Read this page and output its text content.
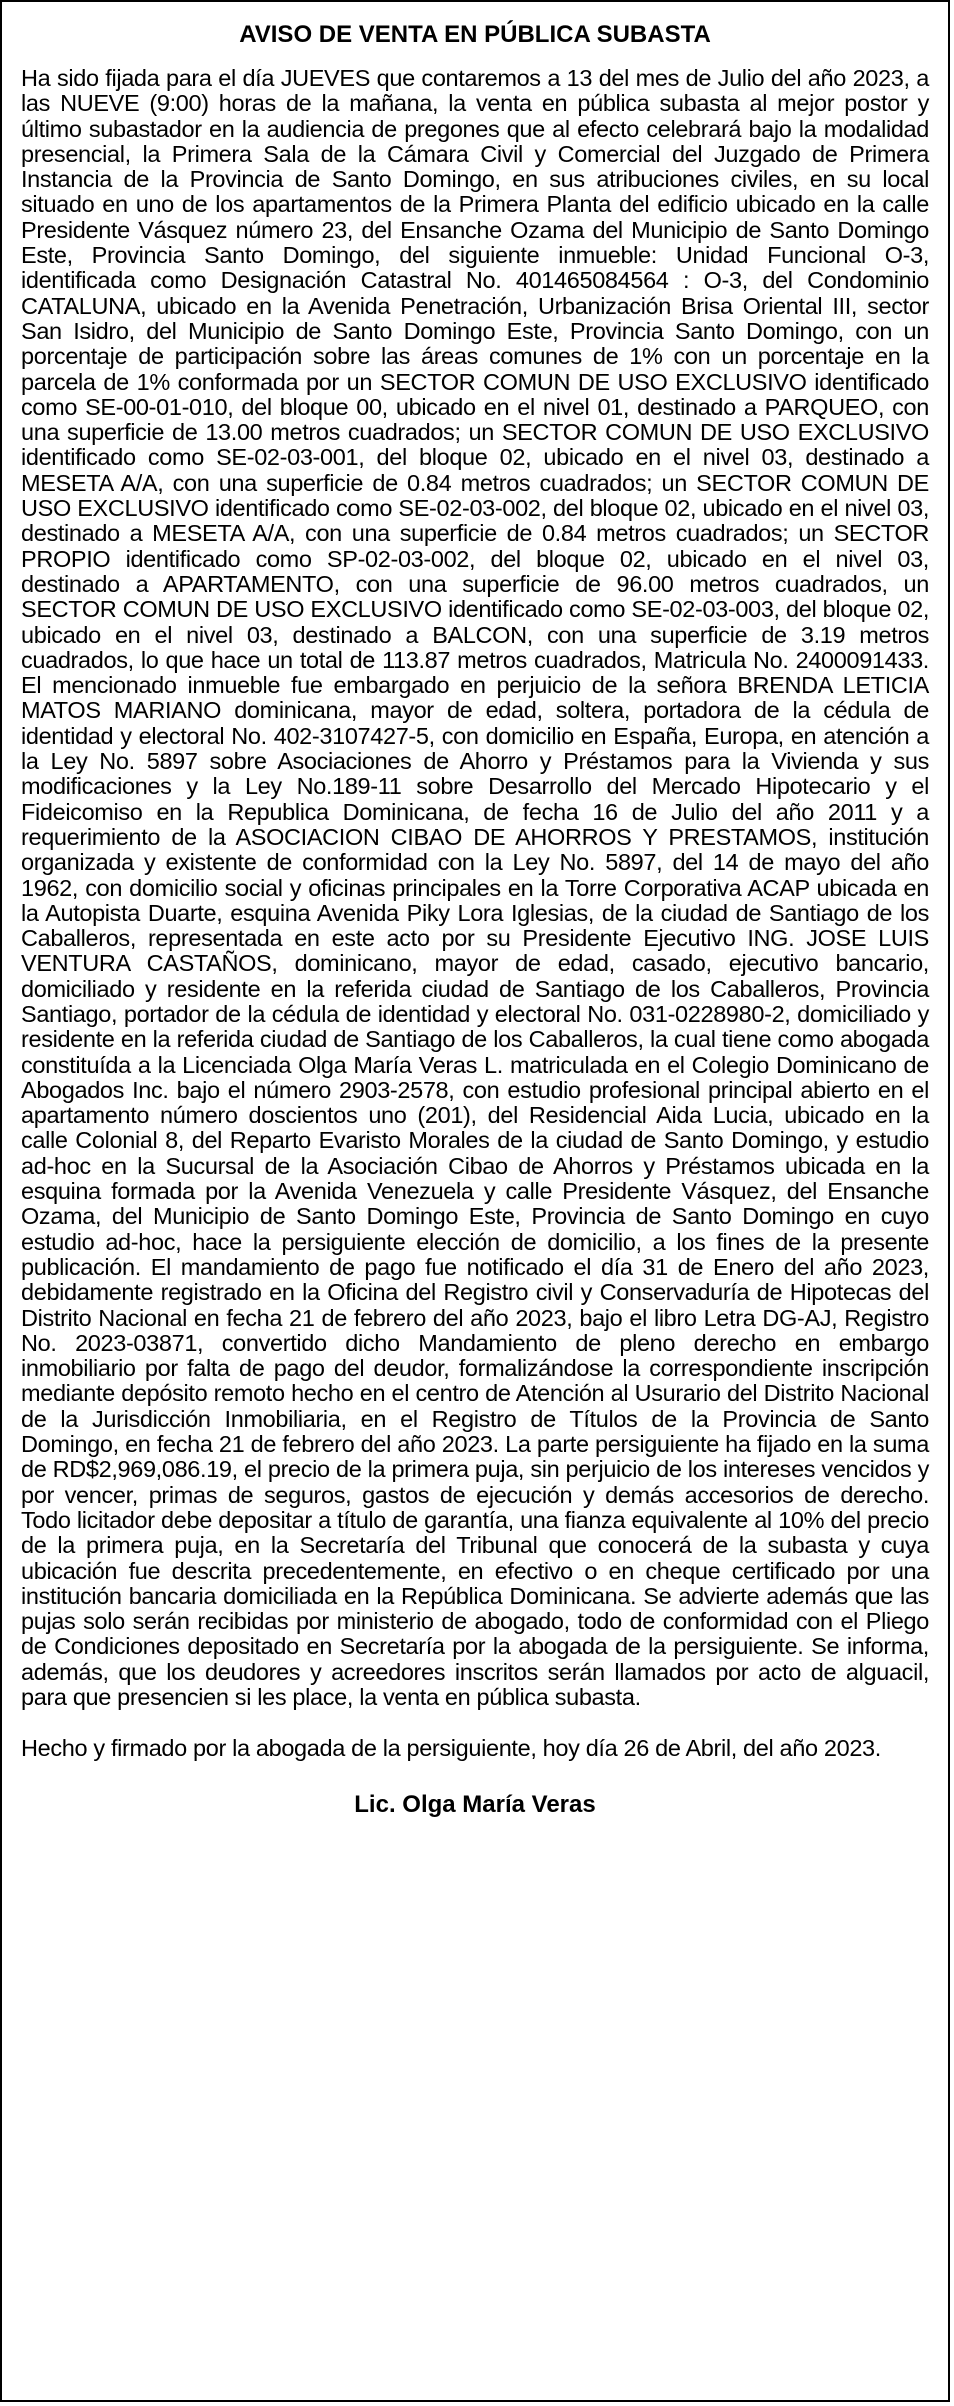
AVISO DE VENTA EN PÚBLICA SUBASTA

Ha sido fijada para el día JUEVES que contaremos a 13 del mes de Julio del año 2023, a las NUEVE (9:00) horas de la mañana, la venta en pública subasta al mejor postor y último subastador en la audiencia de pregones que al efecto celebrará bajo la modalidad presencial, la Primera Sala de la Cámara Civil y Comercial del Juzgado de Primera Instancia de la Provincia de Santo Domingo, en sus atribuciones civiles, en su local situado en uno de los apartamentos de la Primera Planta del edificio ubicado en la calle Presidente Vásquez número 23, del Ensanche Ozama del Municipio de Santo Domingo Este, Provincia Santo Domingo, del siguiente inmueble: Unidad Funcional O-3, identificada como Designación Catastral No. 401465084564 : O-3, del Condominio CATALUNA, ubicado en la Avenida Penetración, Urbanización Brisa Oriental III, sector San Isidro, del Municipio de Santo Domingo Este, Provincia Santo Domingo, con un porcentaje de participación sobre las áreas comunes de 1% con un porcentaje en la parcela de 1% conformada por un SECTOR COMUN DE USO EXCLUSIVO identificado como SE-00-01-010, del bloque 00, ubicado en el nivel 01, destinado a PARQUEO, con una superficie de 13.00 metros cuadrados; un SECTOR COMUN DE USO EXCLUSIVO identificado como SE-02-03-001, del bloque 02, ubicado en el nivel 03, destinado a MESETA A/A, con una superficie de 0.84 metros cuadrados; un SECTOR COMUN DE USO EXCLUSIVO identificado como SE-02-03-002, del bloque 02, ubicado en el nivel 03, destinado a MESETA A/A, con una superficie de 0.84 metros cuadrados; un SECTOR PROPIO identificado como SP-02-03-002, del bloque 02, ubicado en el nivel 03, destinado a APARTAMENTO, con una superficie de 96.00 metros cuadrados, un SECTOR COMUN DE USO EXCLUSIVO identificado como SE-02-03-003, del bloque 02, ubicado en el nivel 03, destinado a BALCON, con una superficie de 3.19 metros cuadrados, lo que hace un total de 113.87 metros cuadrados, Matricula No. 2400091433. El mencionado inmueble fue embargado en perjuicio de la señora BRENDA LETICIA MATOS MARIANO dominicana, mayor de edad, soltera, portadora de la cédula de identidad y electoral No. 402-3107427-5, con domicilio en España, Europa, en atención a la Ley No. 5897 sobre Asociaciones de Ahorro y Préstamos para la Vivienda y sus modificaciones y la Ley No.189-11 sobre Desarrollo del Mercado Hipotecario y el Fideicomiso en la Republica Dominicana, de fecha 16 de Julio del año 2011 y a requerimiento de la ASOCIACION CIBAO DE AHORROS Y PRESTAMOS, institución organizada y existente de conformidad con la Ley No. 5897, del 14 de mayo del año 1962, con domicilio social y oficinas principales en la Torre Corporativa ACAP ubicada en la Autopista Duarte, esquina Avenida Piky Lora Iglesias, de la ciudad de Santiago de los Caballeros, representada en este acto por su Presidente Ejecutivo ING. JOSE LUIS VENTURA CASTAÑOS, dominicano, mayor de edad, casado, ejecutivo bancario, domiciliado y residente en la referida ciudad de Santiago de los Caballeros, Provincia Santiago, portador de la cédula de identidad y electoral No. 031-0228980-2, domiciliado y residente en la referida ciudad de Santiago de los Caballeros, la cual tiene como abogada constituída a la Licenciada Olga María Veras L. matriculada en el Colegio Dominicano de Abogados Inc. bajo el número 2903-2578, con estudio profesional principal abierto en el apartamento número doscientos uno (201), del Residencial Aida Lucia, ubicado en la calle Colonial 8, del Reparto Evaristo Morales de la ciudad de Santo Domingo, y estudio ad-hoc en la Sucursal de la Asociación Cibao de Ahorros y Préstamos ubicada en la esquina formada por la Avenida Venezuela y calle Presidente Vásquez, del Ensanche Ozama, del Municipio de Santo Domingo Este, Provincia de Santo Domingo en cuyo estudio ad-hoc, hace la persiguiente elección de domicilio, a los fines de la presente publicación. El mandamiento de pago fue notificado el día 31 de Enero del año 2023, debidamente registrado en la Oficina del Registro civil y Conservaduría de Hipotecas del Distrito Nacional en fecha 21 de febrero del año 2023, bajo el libro Letra DG-AJ, Registro No. 2023-03871, convertido dicho Mandamiento de pleno derecho en embargo inmobiliario por falta de pago del deudor, formalizándose la correspondiente inscripción mediante depósito remoto hecho en el centro de Atención al Usurario del Distrito Nacional de la Jurisdicción Inmobiliaria, en el Registro de Títulos de la Provincia de Santo Domingo, en fecha 21 de febrero del año 2023. La parte persiguiente ha fijado en la suma de RD$2,969,086.19, el precio de la primera puja, sin perjuicio de los intereses vencidos y por vencer, primas de seguros, gastos de ejecución y demás accesorios de derecho. Todo licitador debe depositar a título de garantía, una fianza equivalente al 10% del precio de la primera puja, en la Secretaría del Tribunal que conocerá de la subasta y cuya ubicación fue descrita precedentemente, en efectivo o en cheque certificado por una institución bancaria domiciliada en la República Dominicana. Se advierte además que las pujas solo serán recibidas por ministerio de abogado, todo de conformidad con el Pliego de Condiciones depositado en Secretaría por la abogada de la persiguiente. Se informa, además, que los deudores y acreedores inscritos serán llamados por acto de alguacil, para que presencien si les place, la venta en pública subasta.

Hecho y firmado por la abogada de la persiguiente, hoy día 26 de Abril, del año 2023.

Lic. Olga María Veras
